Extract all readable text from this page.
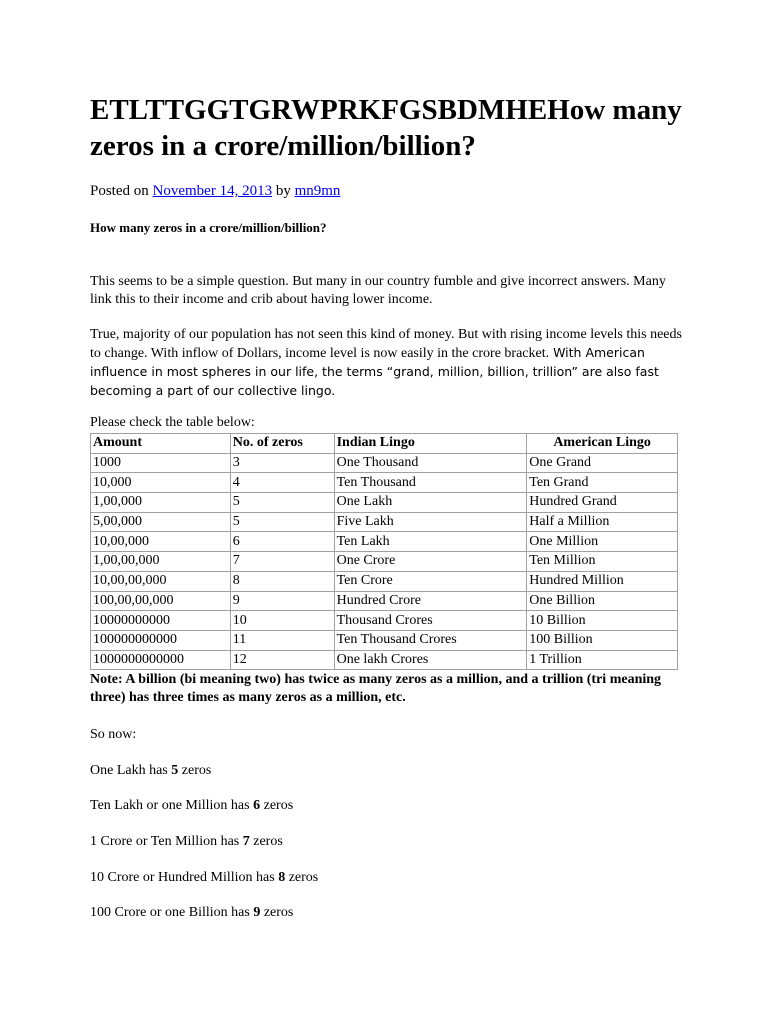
ETLTTGGTGRWPRKFGSBDMHEHow many zeros in a crore/million/billion?
Posted on November 14, 2013 by mn9mn
How many zeros in a crore/million/billion?

This seems to be a simple question. But many in our country fumble and give incorrect answers. Many link this to their income and crib about having lower income.

True, majority of our population has not seen this kind of money. But with rising income levels this needs to change. With inflow of Dollars, income level is now easily in the crore bracket. With American influence in most spheres in our life, the terms “grand, million, billion, trillion” are also fast becoming a part of our collective lingo.

Please check the table below:
Amount	No. of zeros	Indian Lingo	American Lingo
1000	3	One Thousand	One Grand
10,000	4	Ten Thousand	Ten Grand
1,00,000	5	One Lakh	Hundred Grand
5,00,000	5	Five Lakh	Half a Million
10,00,000	6	Ten Lakh	One Million
1,00,00,000	7	One Crore	Ten Million
10,00,00,000	8	Ten Crore	Hundred Million
100,00,00,000	9	Hundred Crore	One Billion
10000000000	10	Thousand Crores	10 Billion
100000000000	11	Ten Thousand Crores	100 Billion
1000000000000	12	One lakh Crores	1 Trillion

Note: A billion (bi meaning two) has twice as many zeros as a million, and a trillion (tri meaning three) has three times as many zeros as a million, etc.

So now:
One Lakh has 5 zeros
Ten Lakh or one Million has 6 zeros
1 Crore or Ten Million has 7 zeros
10 Crore or Hundred Million has 8 zeros
100 Crore or one Billion has 9 zeros
